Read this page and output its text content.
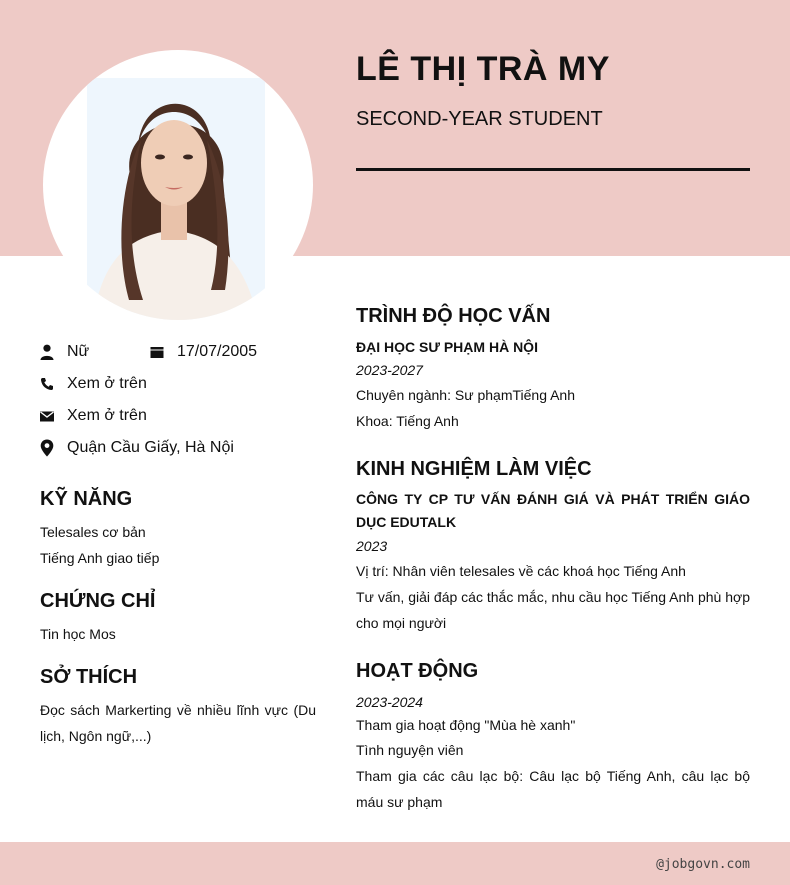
LÊ THỊ TRÀ MY
SECOND-YEAR STUDENT
Nữ	17/07/2005
Xem ở trên
Xem ở trên
Quận Cầu Giấy, Hà Nội
KỸ NĂNG
Telesales cơ bản
Tiếng Anh giao tiếp
CHỨNG CHỈ
Tin học Mos
SỞ THÍCH
Đọc sách Markerting về nhiều lĩnh vực (Du lịch, Ngôn ngữ,...)
TRÌNH ĐỘ HỌC VẤN
ĐẠI HỌC SƯ PHẠM HÀ NỘI
2023-2027
Chuyên ngành: Sư phạmTiếng Anh
Khoa: Tiếng Anh
KINH NGHIỆM LÀM VIỆC
CÔNG TY CP TƯ VẤN ĐÁNH GIÁ VÀ PHÁT TRIỂN GIÁO DỤC EDUTALK
2023
Vị trí: Nhân viên telesales về các khoá học Tiếng Anh
Tư vấn, giải đáp các thắc mắc, nhu cầu học Tiếng Anh phù hợp cho mọi người
HOẠT ĐỘNG
2023-2024
Tham gia hoạt động "Mùa hè xanh"
Tình nguyện viên
Tham gia các câu lạc bộ: Câu lạc bộ Tiếng Anh, câu lạc bộ máu sư phạm
@jobgovn.com
